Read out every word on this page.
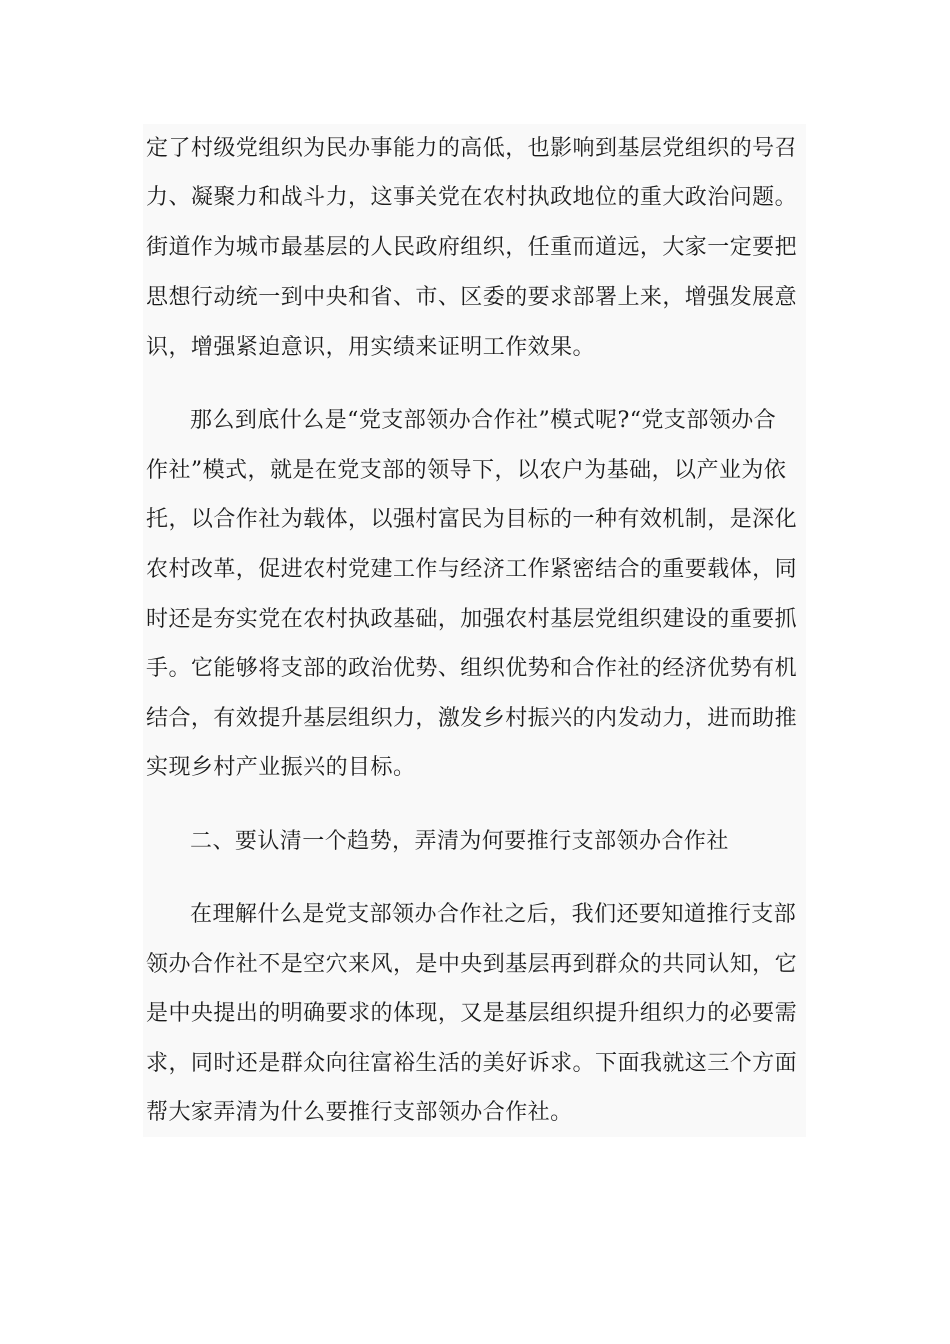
定了村级党组织为民办事能力的高低，也影响到基层党组织的号召
力、凝聚力和战斗力，这事关党在农村执政地位的重大政治问题。
街道作为城市最基层的人民政府组织，任重而道远，大家一定要把
思想行动统一到中央和省、市、区委的要求部署上来，增强发展意
识，增强紧迫意识，用实绩来证明工作效果。
那么到底什么是“党支部领办合作社”模式呢?“党支部领办合
作社”模式，就是在党支部的领导下，以农户为基础，以产业为依
托，以合作社为载体，以强村富民为目标的一种有效机制，是深化
农村改革，促进农村党建工作与经济工作紧密结合的重要载体，同
时还是夯实党在农村执政基础，加强农村基层党组织建设的重要抓
手。它能够将支部的政治优势、组织优势和合作社的经济优势有机
结合，有效提升基层组织力，激发乡村振兴的内发动力，进而助推
实现乡村产业振兴的目标。
二、要认清一个趋势，弄清为何要推行支部领办合作社
在理解什么是党支部领办合作社之后，我们还要知道推行支部
领办合作社不是空穴来风，是中央到基层再到群众的共同认知，它
是中央提出的明确要求的体现，又是基层组织提升组织力的必要需
求，同时还是群众向往富裕生活的美好诉求。下面我就这三个方面
帮大家弄清为什么要推行支部领办合作社。
